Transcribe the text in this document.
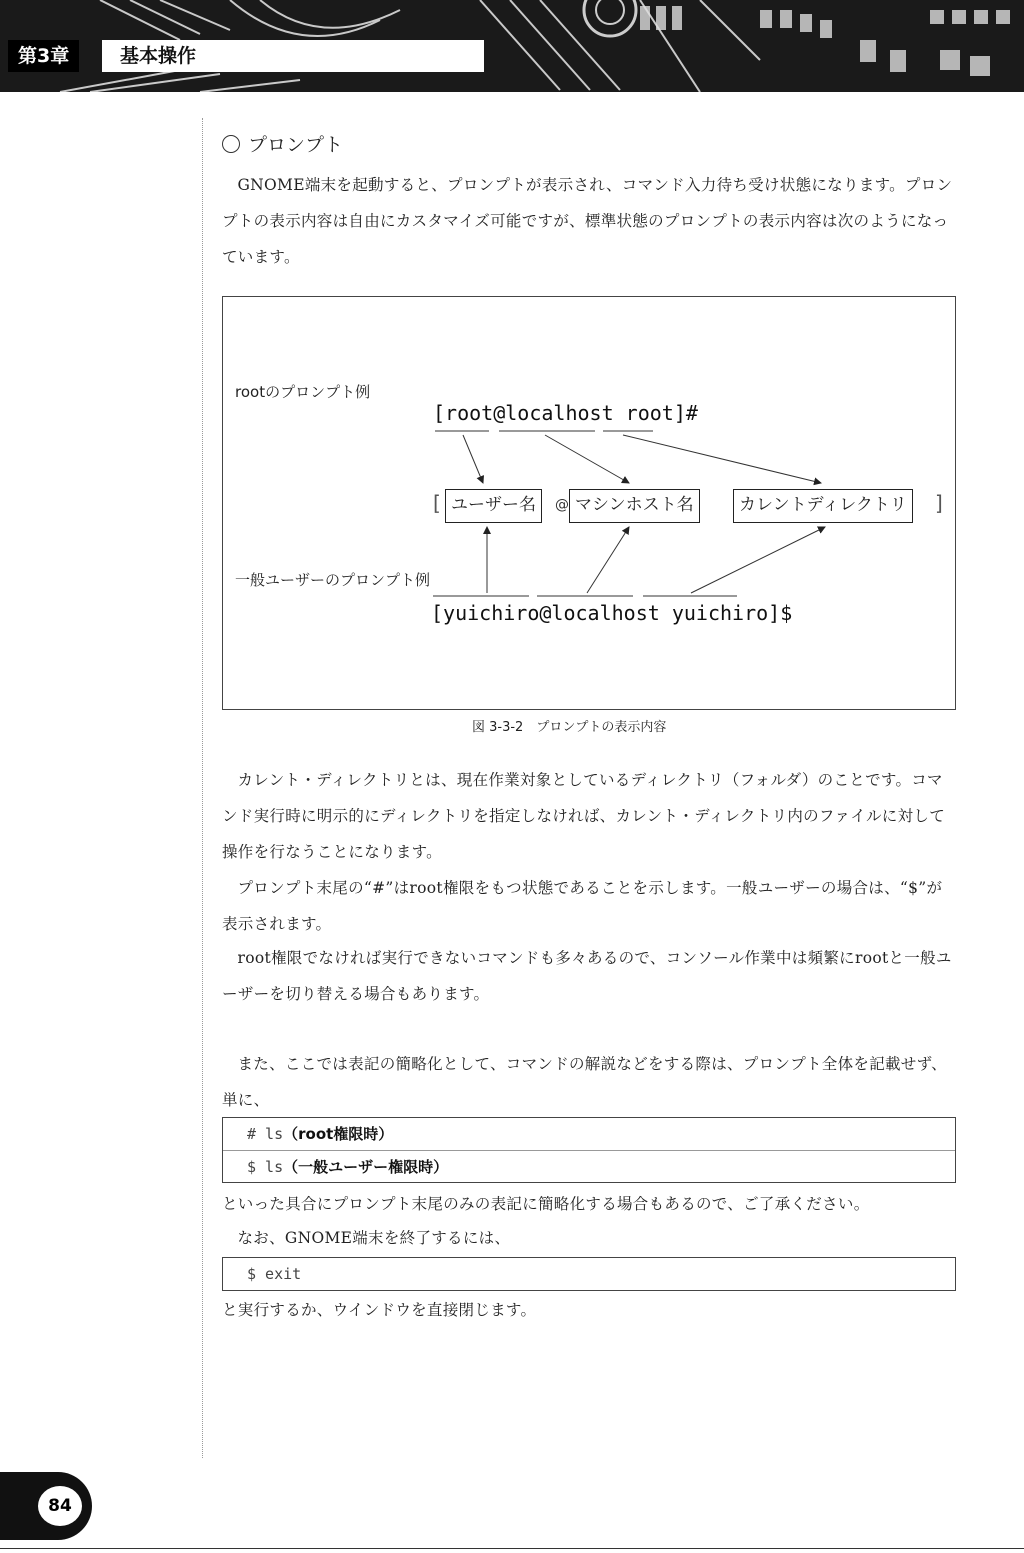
第3章	基本操作
プロンプト

GNOME端末を起動すると、プロンプトが表示され、コマンド入力待ち受け状態になります。プロンプトの表示内容は自由にカスタマイズ可能ですが、標準状態のプロンプトの表示内容は次のようになっています。

rootのプロンプト例
[root@localhost root]#
[ ユーザー名	@ マシンホスト名	カレントディレクトリ	]
一般ユーザーのプロンプト例
[yuichiro@localhost yuichiro]$
図 3-3-2　プロンプトの表示内容

カレント・ディレクトリとは、現在作業対象としているディレクトリ（フォルダ）のことです。コマンド実行時に明示的にディレクトリを指定しなければ、カレント・ディレクトリ内のファイルに対して操作を行なうことになります。

プロンプト末尾の“#”はroot権限をもつ状態であることを示します。一般ユーザーの場合は、“$”が表示されます。

root権限でなければ実行できないコマンドも多々あるので、コンソール作業中は頻繁にrootと一般ユーザーを切り替える場合もあります。

また、ここでは表記の簡略化として、コマンドの解説などをする際は、プロンプト全体を記載せず、単に、

# ls（root権限時）
$ ls（一般ユーザー権限時）

といった具合にプロンプト末尾のみの表記に簡略化する場合もあるので、ご了承ください。

なお、GNOME端末を終了するには、

$ exit

と実行するか、ウインドウを直接閉じます。

84
